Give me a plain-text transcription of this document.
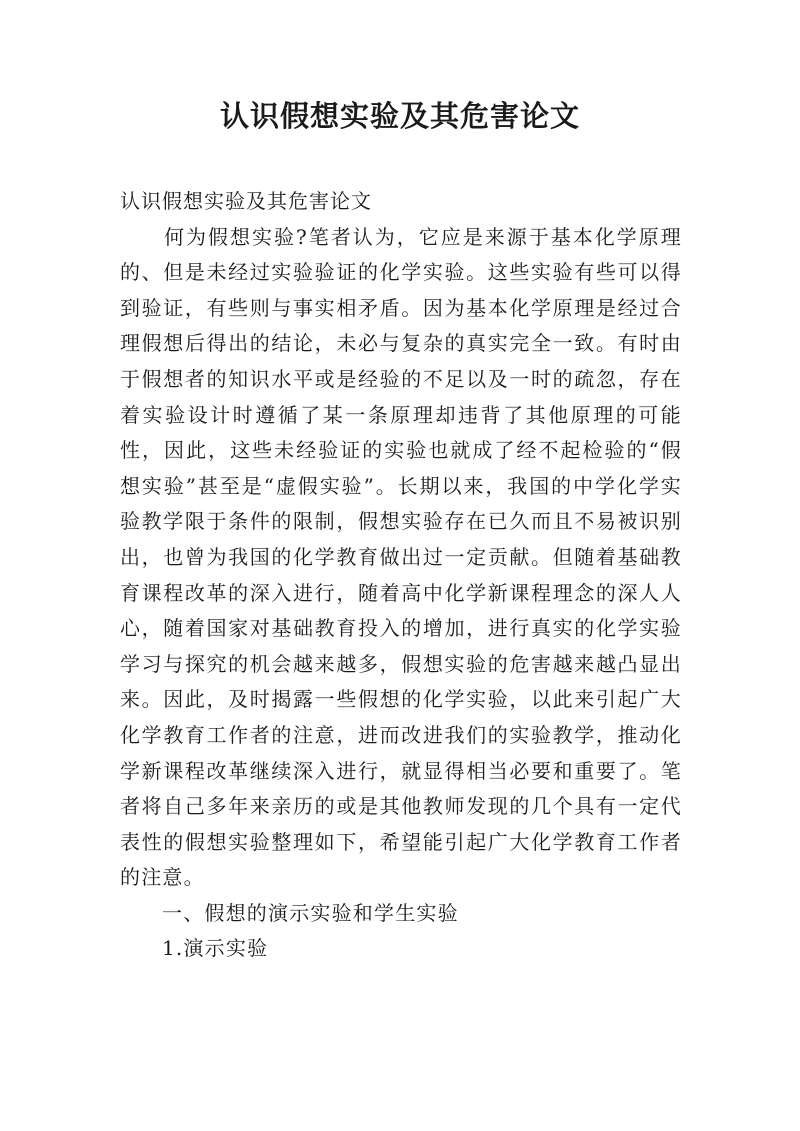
认识假想实验及其危害论文

认识假想实验及其危害论文

何为假想实验?笔者认为，它应是来源于基本化学原理的、但是未经过实验验证的化学实验。这些实验有些可以得到验证，有些则与事实相矛盾。因为基本化学原理是经过合理假想后得出的结论，未必与复杂的真实完全一致。有时由于假想者的知识水平或是经验的不足以及一时的疏忽，存在着实验设计时遵循了某一条原理却违背了其他原理的可能性，因此，这些未经验证的实验也就成了经不起检验的“假想实验”甚至是“虚假实验”。长期以来，我国的中学化学实验教学限于条件的限制，假想实验存在已久而且不易被识别出，也曾为我国的化学教育做出过一定贡献。但随着基础教育课程改革的深入进行，随着高中化学新课程理念的深人人心，随着国家对基础教育投入的增加，进行真实的化学实验学习与探究的机会越来越多，假想实验的危害越来越凸显出来。因此，及时揭露一些假想的化学实验，以此来引起广大化学教育工作者的注意，进而改进我们的实验教学，推动化学新课程改革继续深入进行，就显得相当必要和重要了。笔者将自己多年来亲历的或是其他教师发现的几个具有一定代表性的假想实验整理如下，希望能引起广大化学教育工作者的注意。

一、假想的演示实验和学生实验

1.演示实验
